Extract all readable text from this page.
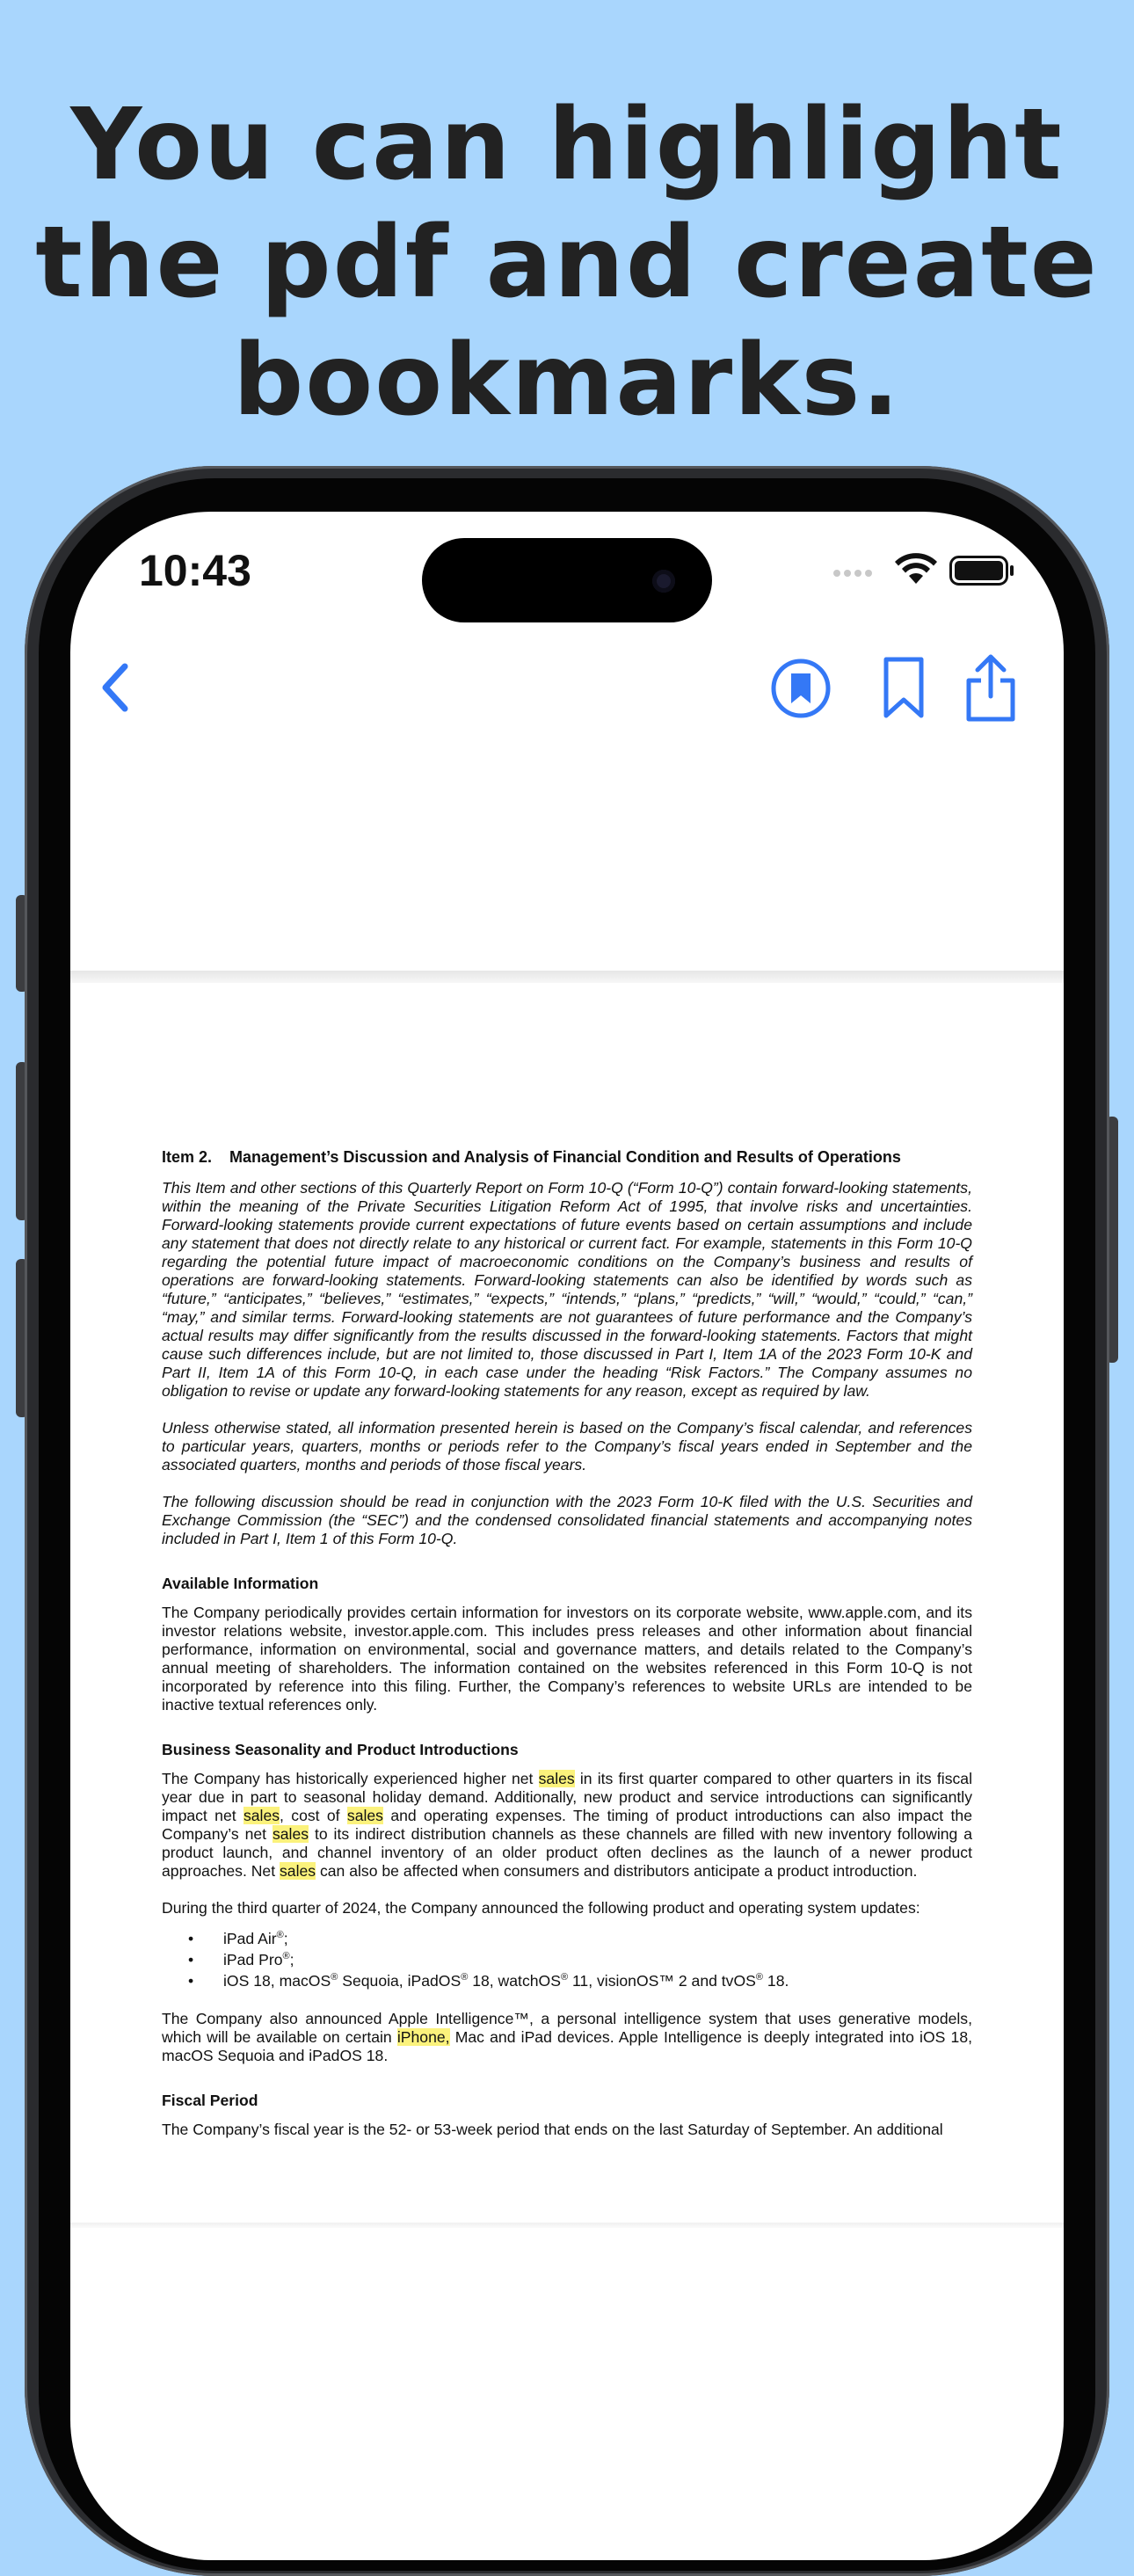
You can highlight
the pdf and create
bookmarks.
10:43

Item 2. Management’s Discussion and Analysis of Financial Condition and Results of Operations

This Item and other sections of this Quarterly Report on Form 10-Q (“Form 10-Q”) contain forward-looking statements, within the meaning of the Private Securities Litigation Reform Act of 1995, that involve risks and uncertainties. Forward-looking statements provide current expectations of future events based on certain assumptions and include any statement that does not directly relate to any historical or current fact. For example, statements in this Form 10-Q regarding the potential future impact of macroeconomic conditions on the Company’s business and results of operations are forward-looking statements. Forward-looking statements can also be identified by words such as “future,” “anticipates,” “believes,” “estimates,” “expects,” “intends,” “plans,” “predicts,” “will,” “would,” “could,” “can,” “may,” and similar terms. Forward-looking statements are not guarantees of future performance and the Company’s actual results may differ significantly from the results discussed in the forward-looking statements. Factors that might cause such differences include, but are not limited to, those discussed in Part I, Item 1A of the 2023 Form 10-K and Part II, Item 1A of this Form 10-Q, in each case under the heading “Risk Factors.” The Company assumes no obligation to revise or update any forward-looking statements for any reason, except as required by law.

Unless otherwise stated, all information presented herein is based on the Company’s fiscal calendar, and references to particular years, quarters, months or periods refer to the Company’s fiscal years ended in September and the associated quarters, months and periods of those fiscal years.

The following discussion should be read in conjunction with the 2023 Form 10-K filed with the U.S. Securities and Exchange Commission (the “SEC”) and the condensed consolidated financial statements and accompanying notes included in Part I, Item 1 of this Form 10-Q.

Available Information

The Company periodically provides certain information for investors on its corporate website, www.apple.com, and its investor relations website, investor.apple.com. This includes press releases and other information about financial performance, information on environmental, social and governance matters, and details related to the Company’s annual meeting of shareholders. The information contained on the websites referenced in this Form 10-Q is not incorporated by reference into this filing. Further, the Company’s references to website URLs are intended to be inactive textual references only.

Business Seasonality and Product Introductions

The Company has historically experienced higher net sales in its first quarter compared to other quarters in its fiscal year due in part to seasonal holiday demand. Additionally, new product and service introductions can significantly impact net sales, cost of sales and operating expenses. The timing of product introductions can also impact the Company’s net sales to its indirect distribution channels as these channels are filled with new inventory following a product launch, and channel inventory of an older product often declines as the launch of a newer product approaches. Net sales can also be affected when consumers and distributors anticipate a product introduction.

During the third quarter of 2024, the Company announced the following product and operating system updates:

• iPad Air®;
• iPad Pro®;
• iOS 18, macOS® Sequoia, iPadOS® 18, watchOS® 11, visionOS™ 2 and tvOS® 18.

The Company also announced Apple Intelligence™, a personal intelligence system that uses generative models, which will be available on certain iPhone, Mac and iPad devices. Apple Intelligence is deeply integrated into iOS 18, macOS Sequoia and iPadOS 18.

Fiscal Period

The Company’s fiscal year is the 52- or 53-week period that ends on the last Saturday of September. An additional
